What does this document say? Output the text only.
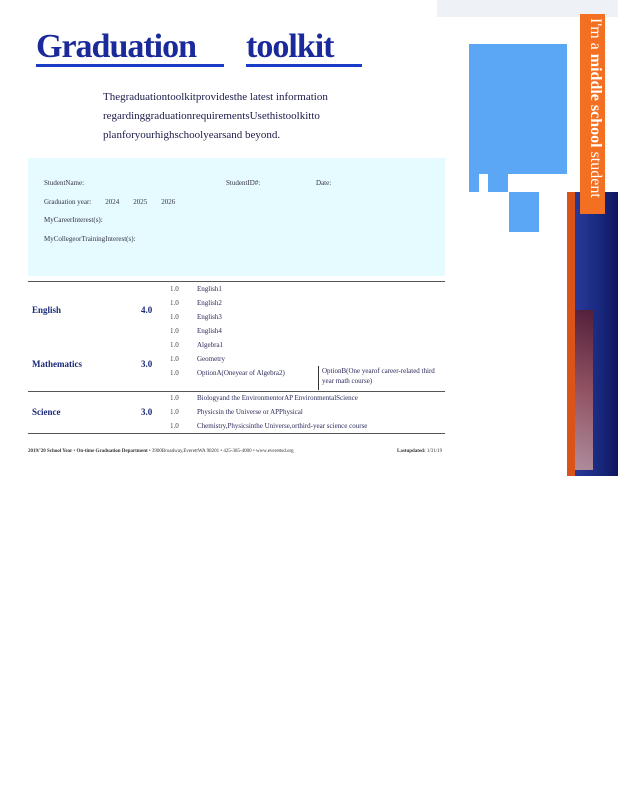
Graduation toolkit
Thegraduationtoolkitprovidesthe latest information regardinggraduationrequirementsUsethistoolkitto planforyourhighschoolyearsand beyond.
StudentName:	StudentID#:	Date:
Graduation year: 2024 2025 2026
MyCareerInterest(s):
MyCollegeorTrainingInterest(s):
English	4.0
1.0	English1
1.0	English2
1.0	English3
1.0	English4
Mathematics	3.0
1.0	Algebra1
1.0	Geometry
1.0	OptionA(Oneyear of Algebra2)	OptionB(One yearof career-related third year math course)
Science	3.0
1.0	Biologyand the EnvironmentorAP EnvironmentalScience
1.0	Physicsin the Universe or APPhysical
1.0	Chemistry,Physicsinthe Universe,orthird-year science course
2019/'20 School Year • On-time Graduation Department • 3900Broadway,EverettWA 98201 • 425-385-4000 • www.everettsd.org	Lastupdated: 1/31/19
I'm a middle school student
